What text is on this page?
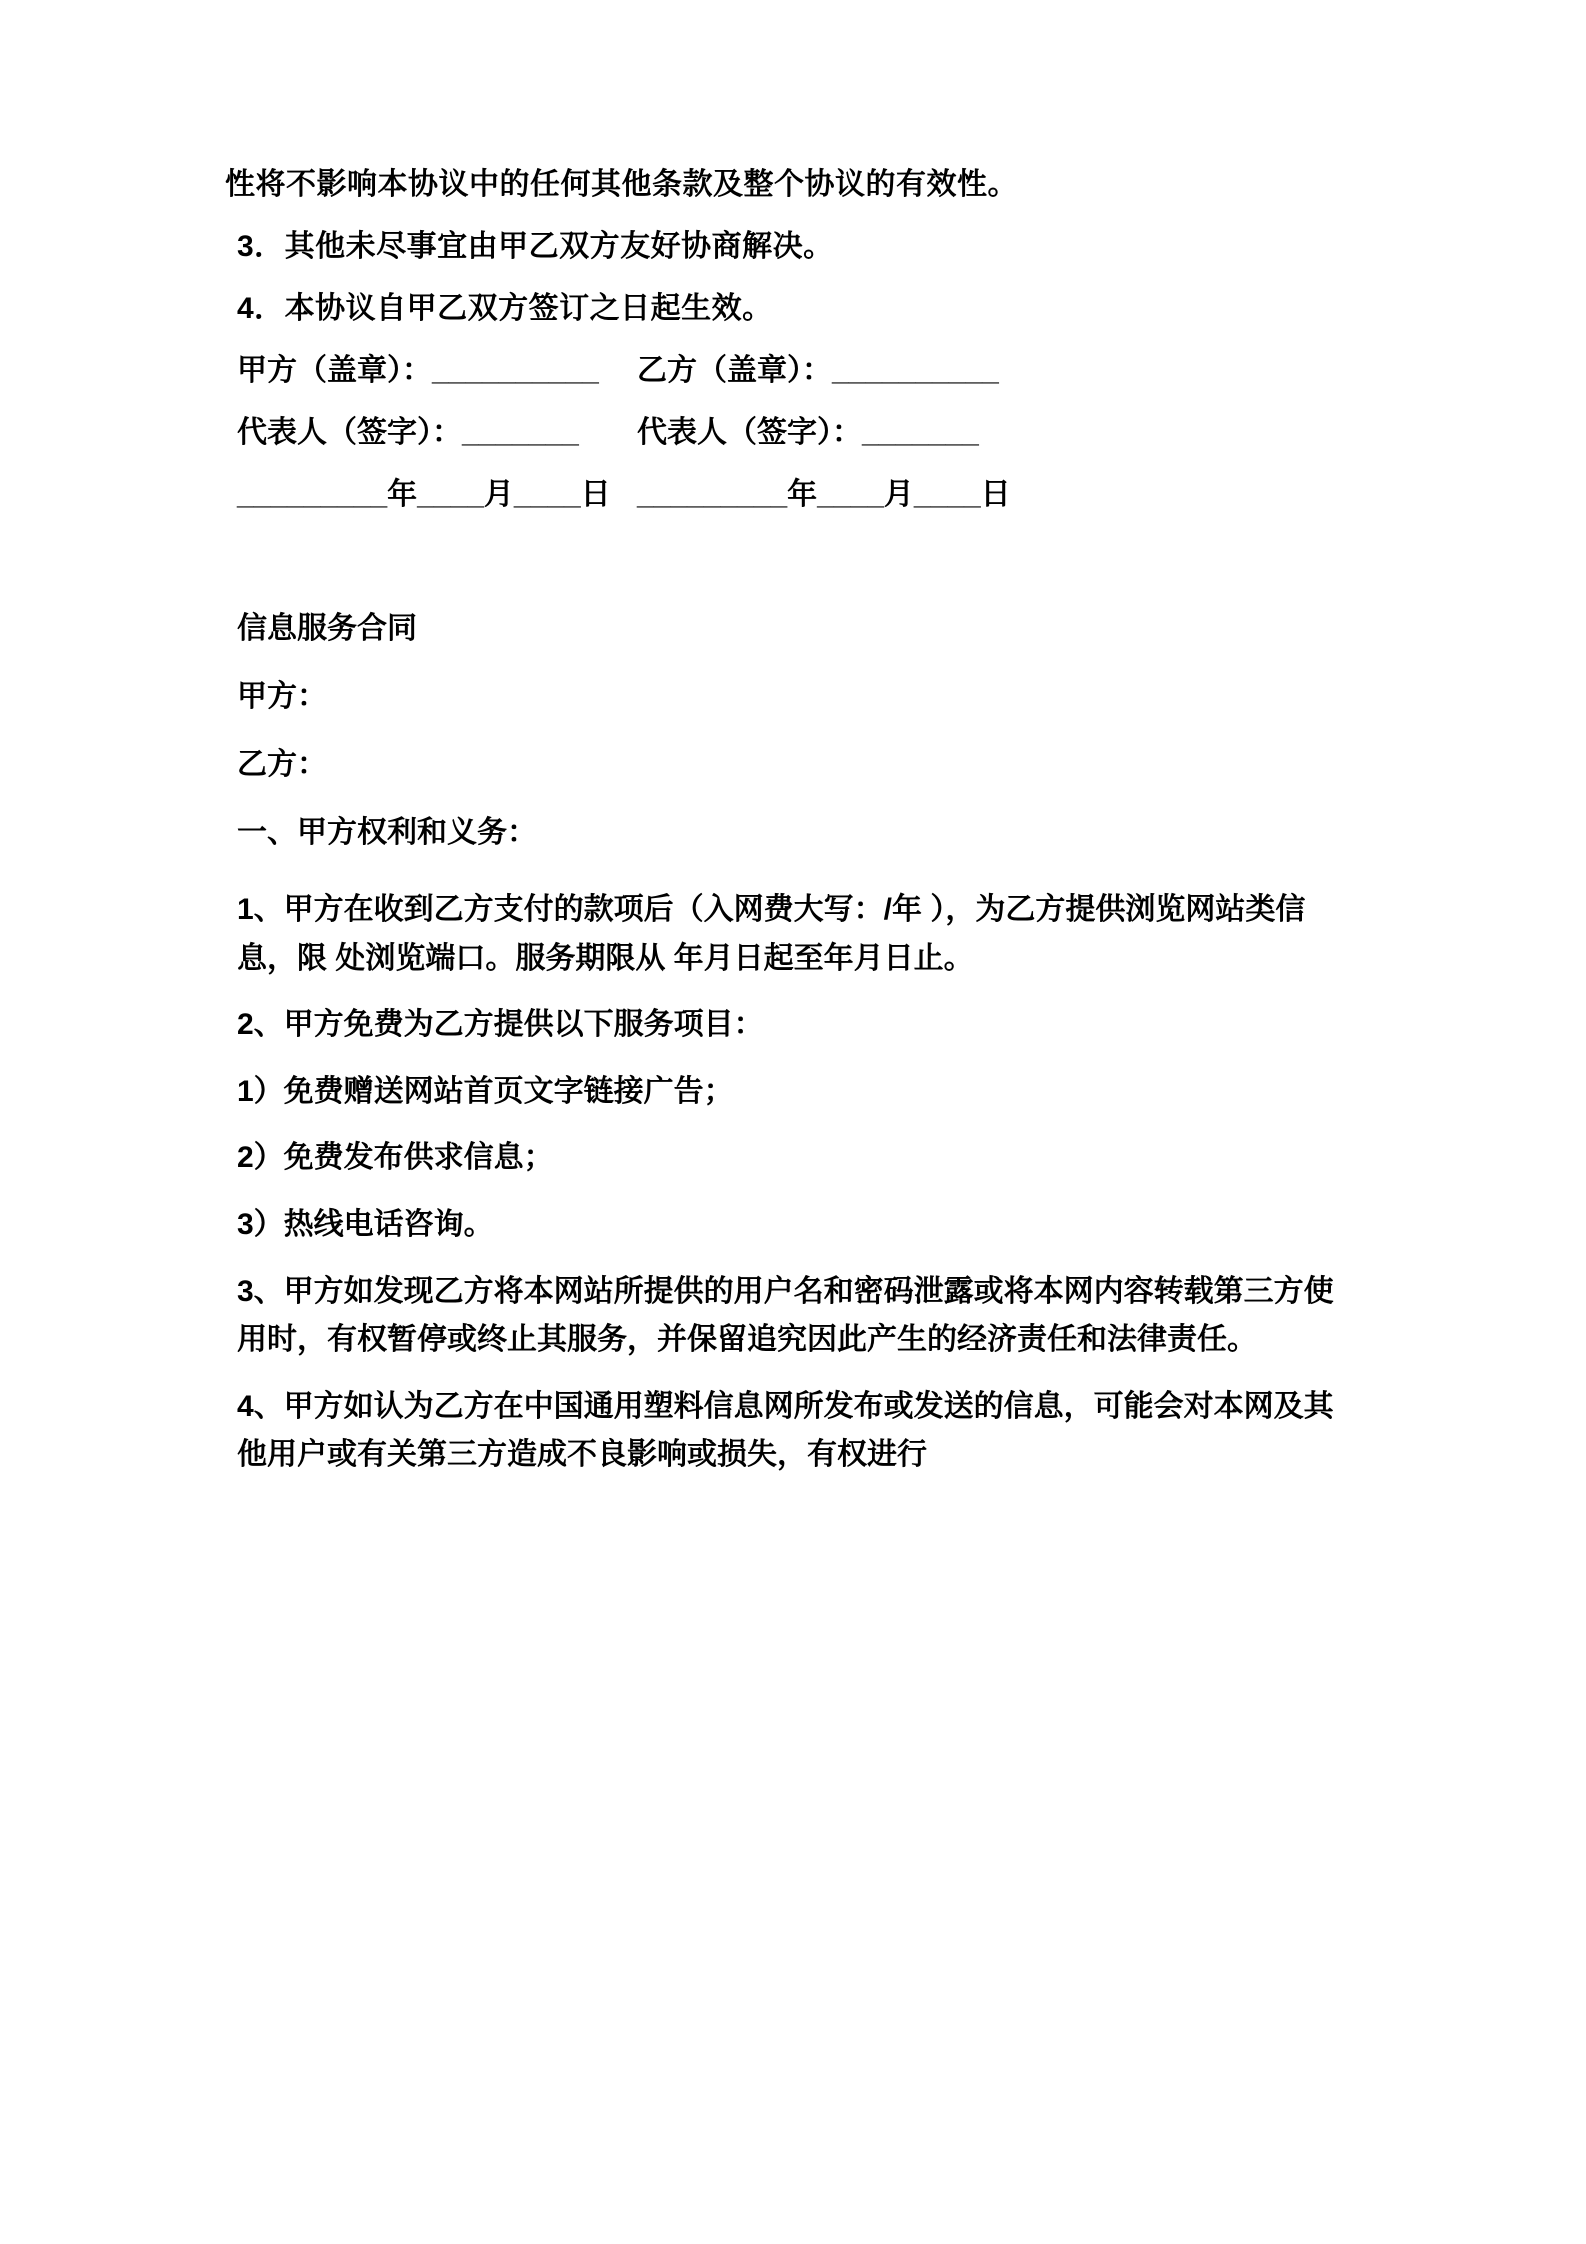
性将不影响本协议中的任何其他条款及整个协议的有效性。

3．其他未尽事宜由甲乙双方友好协商解决。

4．本协议自甲乙双方签订之日起生效。

甲方（盖章）：__________	乙方（盖章）：__________
代表人（签字）：_______	代表人（签字）：_______
_________年____月____日 _________年____月____日

信息服务合同

甲方：

乙方：

一、甲方权利和义务：

1、甲方在收到乙方支付的款项后（入网费大写：/年 ），为乙方提供浏览网站类信息，限 处浏览端口。服务期限从 年月日起至年月日止。

2、甲方免费为乙方提供以下服务项目：

1）免费赠送网站首页文字链接广告；

2）免费发布供求信息；

3）热线电话咨询。

3、甲方如发现乙方将本网站所提供的用户名和密码泄露或将本网内容转载第三方使用时，有权暂停或终止其服务，并保留追究因此产生的经济责任和法律责任。

4、甲方如认为乙方在中国通用塑料信息网所发布或发送的信息，可能会对本网及其他用户或有关第三方造成不良影响或损失，有权进行
